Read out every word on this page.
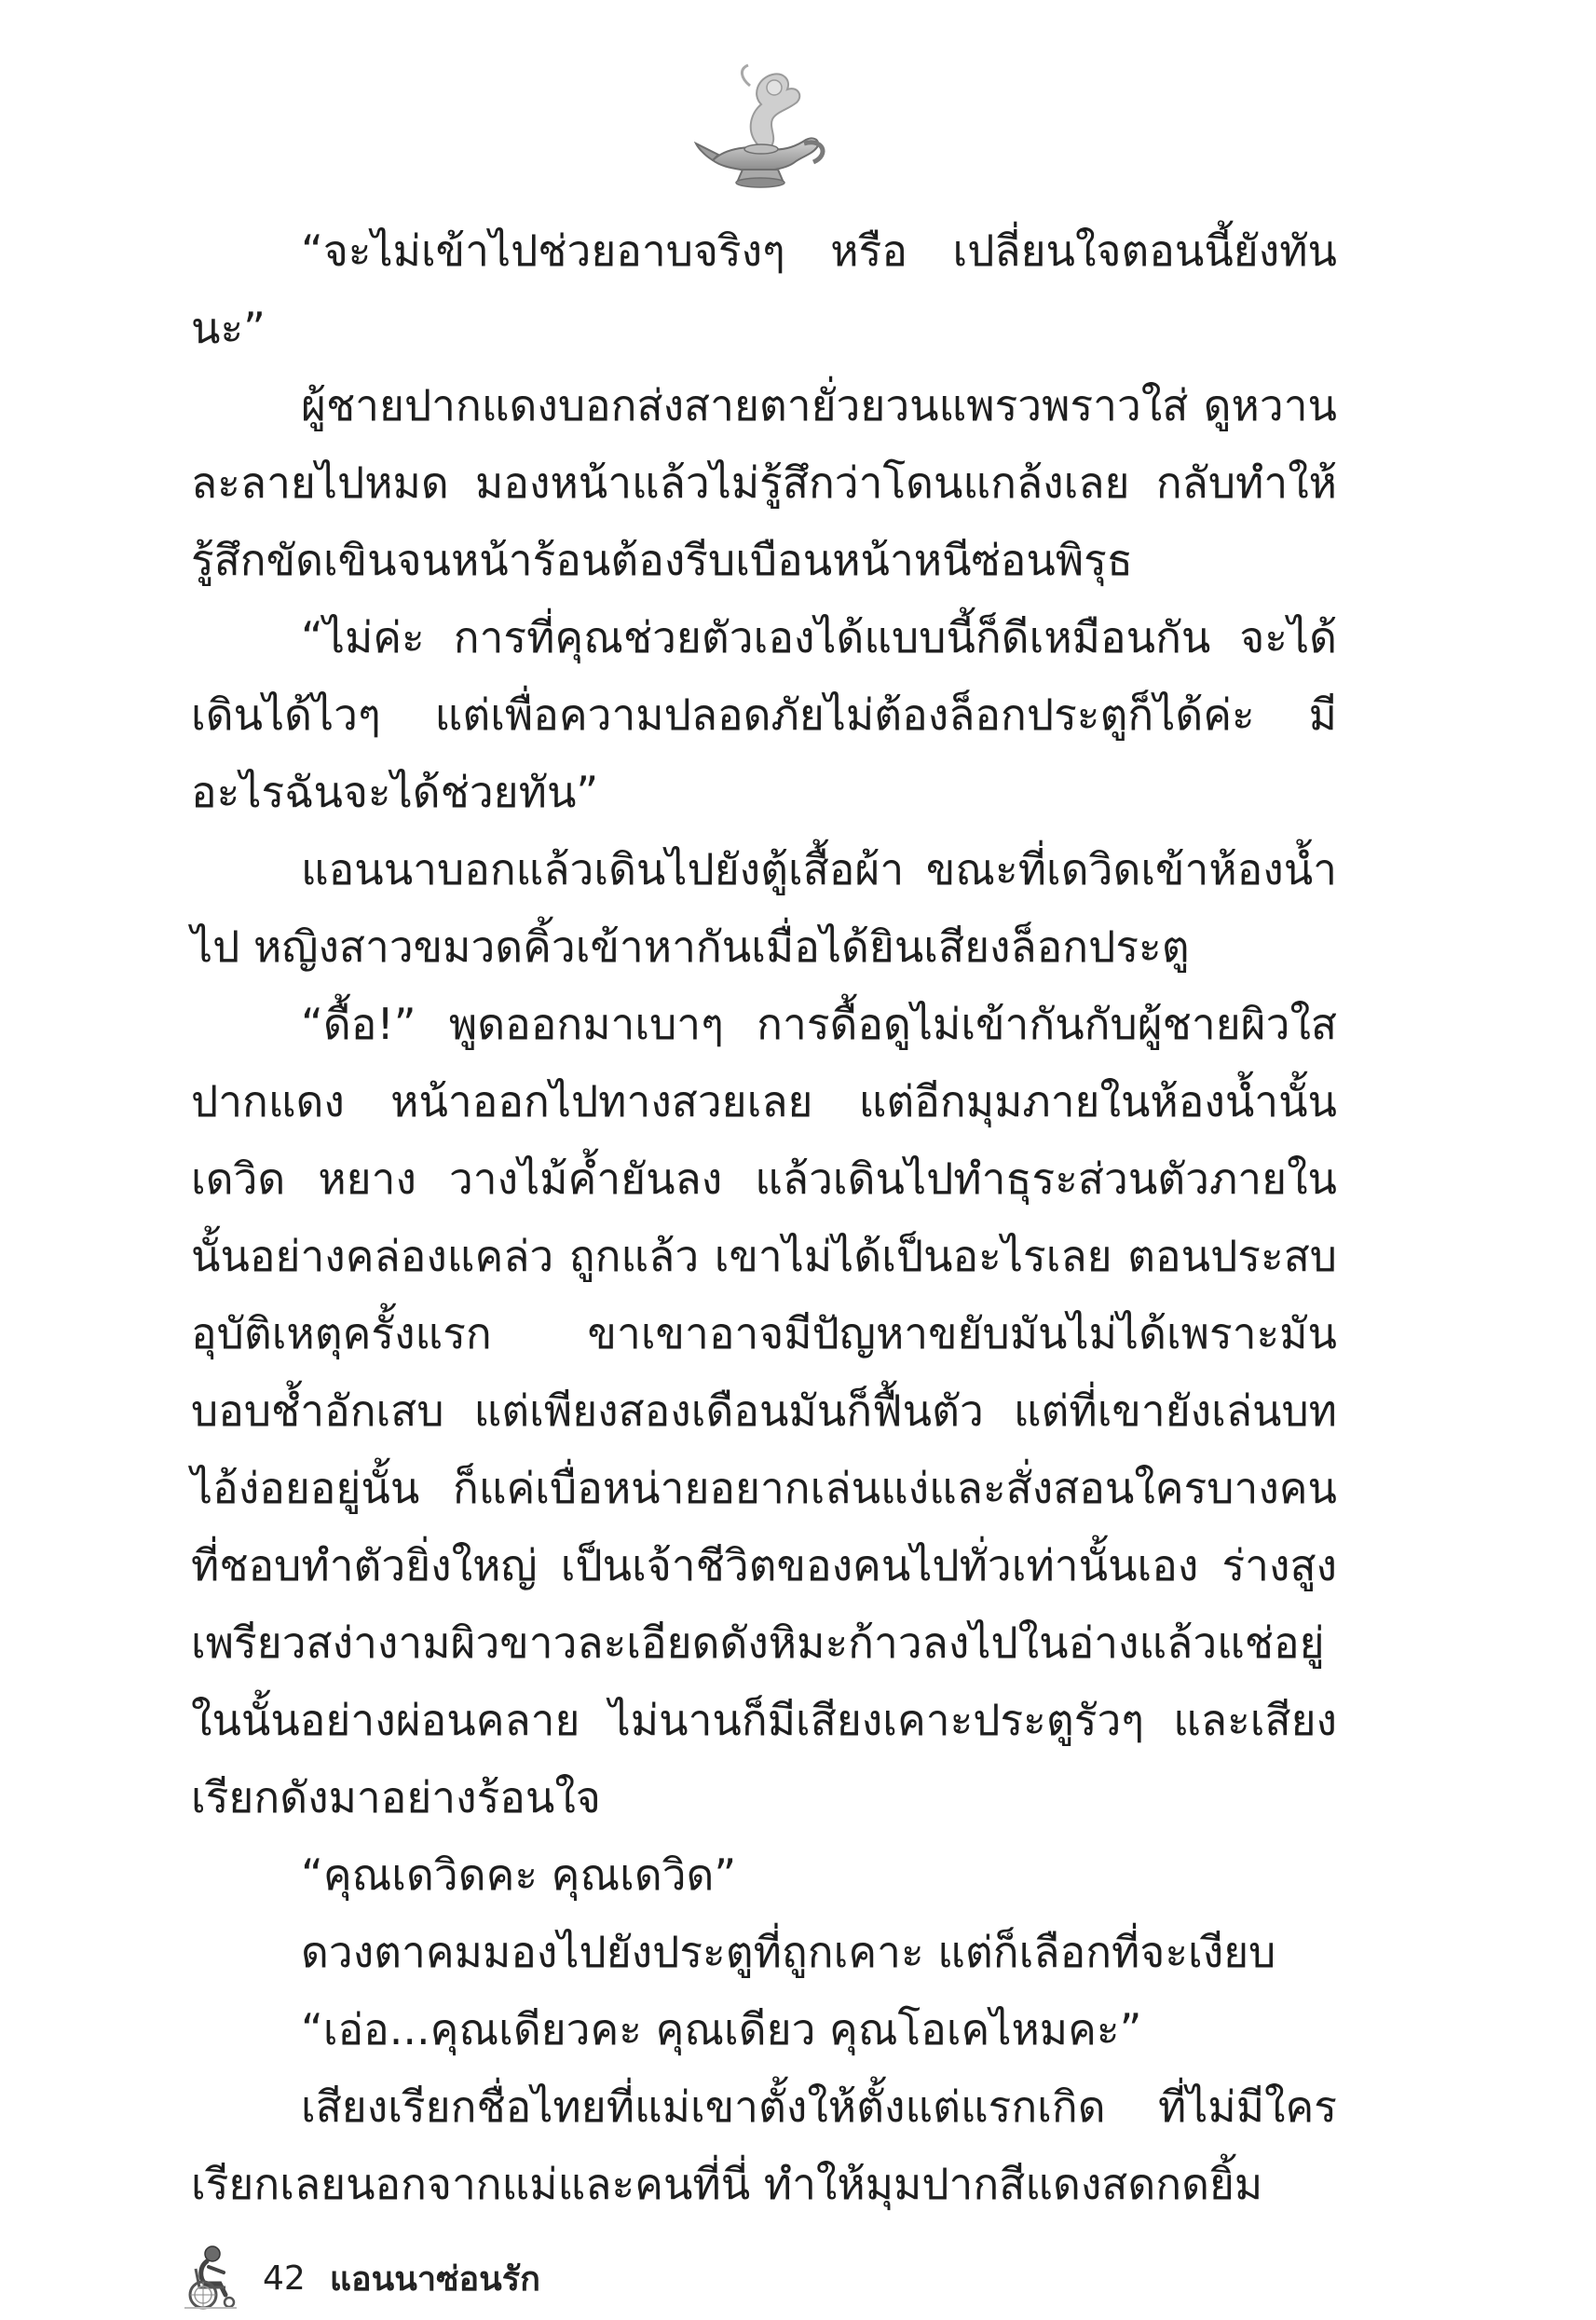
“จะไม่เข้าไปช่วยอาบจริงๆ หรือ เปลี่ยนใจตอนนี้ยังทันนะ”

ผู้ชายปากแดงบอกส่งสายตายั่วยวนแพรวพราวใส่ ดูหวานละลายไปหมด มองหน้าแล้วไม่รู้สึกว่าโดนแกล้งเลย กลับทำให้รู้สึกขัดเขินจนหน้าร้อนต้องรีบเบือนหน้าหนีซ่อนพิรุธ

“ไม่ค่ะ การที่คุณช่วยตัวเองได้แบบนี้ก็ดีเหมือนกัน จะได้เดินได้ไวๆ แต่เพื่อความปลอดภัยไม่ต้องล็อกประตูก็ได้ค่ะ มีอะไรฉันจะได้ช่วยทัน”

แอนนาบอกแล้วเดินไปยังตู้เสื้อผ้า ขณะที่เดวิดเข้าห้องน้ำไป หญิงสาวขมวดคิ้วเข้าหากันเมื่อได้ยินเสียงล็อกประตู

“ดื้อ!” พูดออกมาเบาๆ การดื้อดูไม่เข้ากันกับผู้ชายผิวใสปากแดง หน้าออกไปทางสวยเลย แต่อีกมุมภายในห้องน้ำนั้น เดวิด หยาง วางไม้ค้ำยันลง แล้วเดินไปทำธุระส่วนตัวภายในนั้นอย่างคล่องแคล่ว ถูกแล้ว เขาไม่ได้เป็นอะไรเลย ตอนประสบอุบัติเหตุครั้งแรก ขาเขาอาจมีปัญหาขยับมันไม่ได้เพราะมันบอบช้ำอักเสบ แต่เพียงสองเดือนมันก็ฟื้นตัว แต่ที่เขายังเล่นบทไอ้ง่อยอยู่นั้น ก็แค่เบื่อหน่ายอยากเล่นแง่และสั่งสอนใครบางคน ที่ชอบทำตัวยิ่งใหญ่ เป็นเจ้าชีวิตของคนไปทั่วเท่านั้นเอง ร่างสูงเพรียวสง่างามผิวขาวละเอียดดังหิมะก้าวลงไปในอ่างแล้วแช่อยู่ในนั้นอย่างผ่อนคลาย ไม่นานก็มีเสียงเคาะประตูรัวๆ และเสียงเรียกดังมาอย่างร้อนใจ

“คุณเดวิดคะ คุณเดวิด”

ดวงตาคมมองไปยังประตูที่ถูกเคาะ แต่ก็เลือกที่จะเงียบ

“เอ่อ...คุณเดียวคะ คุณเดียว คุณโอเคไหมคะ”

เสียงเรียกชื่อไทยที่แม่เขาตั้งให้ตั้งแต่แรกเกิด ที่ไม่มีใครเรียกเลยนอกจากแม่และคนที่นี่ ทำให้มุมปากสีแดงสดกดยิ้ม

42 แอนนาซ่อนรัก
